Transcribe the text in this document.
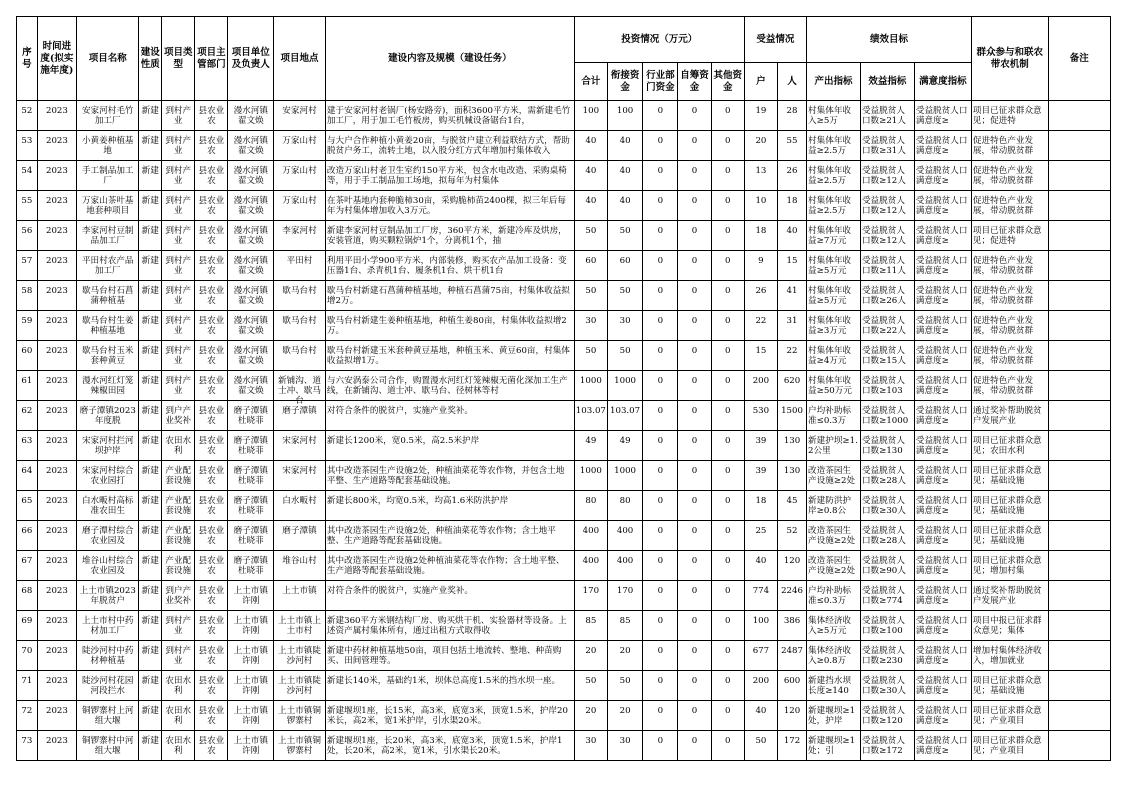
序号	时间进度(拟实施年度)	项目名称	建设性质	项目类型	项目主管部门	项目单位及负责人	项目地点	建设内容及规模（建设任务）	投资情况（万元）					受益情况		绩效目标			群众参与和联农带农机制	备注
									合计	衔接资金	行业部门资金	自筹资金	其他资金	户	人	产出指标	效益指标	满意度指标		

52	2023	安家河村毛竹加工厂	新建	到村产业	县农业农	漫水河镇翟文焕	安家河村	建于安家河村老锅厂(杨安路旁)，面积3600平方米，需新建毛竹加工厂，用于加工毛竹板房，购买机械设备锯台1台，	100	100	0	0	0	19	28	村集体年收入≥5万	受益脱贫人口数≥21人	受益脱贫人口满意度≥	项目已征求群众意见；促进特	

53	2023	小黄姜种植基地	新建	到村产业	县农业农	漫水河镇翟文焕	万家山村	与大户合作种植小黄姜20亩，与脱贫户建立利益联结方式，帮助脱贫户务工，流转土地，以入股分红方式年增加村集体收入	40	40	0	0	0	20	55	村集体年收益≥2.5万	受益脱贫人口数≥31人	受益脱贫人口满意度≥	促进特色产业发展，带动脱贫群	

54	2023	手工制品加工厂	新建	到村产业	县农业农	漫水河镇翟文焕	万家山村	改造万家山村老卫生室约150平方米，包含水电改造、采购桌椅等，用于手工制品加工场地，拟每年为村集体	40	40	0	0	0	13	26	村集体年收益≥2.5万	受益脱贫人口数≥12人	受益脱贫人口满意度≥	促进特色产业发展，带动脱贫群	

55	2023	万家山茶叶基地套种项目	新建	到村产业	县农业农	漫水河镇翟文焕	万家山村	在茶叶基地内套种脆柿30亩，采购脆柿苗2400棵，拟三年后每年为村集体增加收入3万元。	40	40	0	0	0	10	18	村集体年收益≥2.5万	受益脱贫人口数≥12人	受益脱贫人口满意度≥	促进特色产业发展，带动脱贫群	

56	2023	李家河村豆制品加工厂	新建	到村产业	县农业农	漫水河镇翟文焕	李家河村	新建李家河村豆制品加工厂房，360平方米，新建冷库及烘房，安装管道，购买颗粒锅炉1个，分离机1个，抽	50	50	0	0	0	18	40	村集体年收益≥7万元	受益脱贫人口数≥12人	受益脱贫人口满意度≥	项目已征求群众意见；促进特	

57	2023	平田村农产品加工厂	新建	到村产业	县农业农	漫水河镇翟文焕	平田村	利用平田小学900平方米，内部装修，购买农产品加工设备：变压器1台、杀青机1台、履条机1台、烘干机1台	60	60	0	0	0	9	15	村集体年收益≥5万元	受益脱贫人口数≥11人	受益脱贫人口满意度≥	促进特色产业发展，带动脱贫群	

58	2023	歇马台村石菖蒲种植基	新建	到村产业	县农业农	漫水河镇翟文焕	歇马台村	歇马台村新建石菖蒲种植基地，种植石菖蒲75亩，村集体收益拟增2万。	50	50	0	0	0	26	41	村集体年收益≥5万元	受益脱贫人口数≥26人	受益脱贫人口满意度≥	促进特色产业发展，带动脱贫群	

59	2023	歇马台村生姜种植基地	新建	到村产业	县农业农	漫水河镇翟文焕	歇马台村	歇马台村新建生姜种植基地，种植生姜80亩，村集体收益拟增2万。	30	30	0	0	0	22	31	村集体年收益≥3万元	受益脱贫人口数≥22人	受益脱贫人口满意度≥	促进特色产业发展，带动脱贫群	

60	2023	歇马台村玉米套种黄豆	新建	到村产业	县农业农	漫水河镇翟文焕	歇马台村	歇马台村新建玉米套种黄豆基地，种植玉米、黄豆60亩，村集体收益拟增1万。	50	50	0	0	0	15	22	村集体年收益≥4万元	受益脱贫人口数≥15人	受益脱贫人口满意度≥	促进特色产业发展，带动脱贫群	

61	2023	漫水河红灯笼辣椒田园	新建	到村产业	县农业农	漫水河镇翟文焕	新铺沟、道士冲、歇马台	与六安涡泰公司合作，购置漫水河红灯笼辣椒无菌化深加工生产线，在新铺沟、道士冲、歇马台、径树林等村	1000	1000	0	0	0	200	620	村集体年收益≥50万元	受益脱贫人口数≥103	受益脱贫人口满意度≥	促进特色产业发展，带动脱贫群	

62	2023	磨子潭镇2023年度脱	新建	到户产业奖补	县农业农	磨子潭镇杜晓菲	磨子潭镇	对符合条件的脱贫户，实施产业奖补。	103.07	103.07	0	0	0	530	1500	户均补助标准≤0.3万	受益脱贫人口数≥1000	受益脱贫人口满意度≥	通过奖补帮助脱贫户发展产业	

63	2023	宋家河村拦河坝护岸	新建	农田水利	县农业农	磨子潭镇杜晓菲	宋家河村	新建长1200米，宽0.5米，高2.5米护岸	49	49	0	0	0	39	130	新建护坝≥1.2公里	受益脱贫人口数≥130	受益脱贫人口满意度≥	项目已征求群众意见；农田水利	

64	2023	宋家河村综合农业园打	新建	产业配套设施	县农业农	磨子潭镇杜晓菲	宋家河村	其中改造茶园生产设施2处，种植油菜花等农作物，并包含土地平整、生产道路等配套基础设施。	1000	1000	0	0	0	39	130	改造茶园生产设施≥2处	受益脱贫人口数≥28人	受益脱贫人口满意度≥	项目已征求群众意见；基础设施	

65	2023	白水畈村高标准农田生	新建	产业配套设施	县农业农	磨子潭镇杜晓菲	白水畈村	新建长800米，均宽0.5米，均高1.6米防洪护岸	80	80	0	0	0	18	45	新建防洪护岸≥0.8公	受益脱贫人口数≥30人	受益脱贫人口满意度≥	项目已征求群众意见；基础设施	

66	2023	磨子潭村综合农业园及	新建	产业配套设施	县农业农	磨子潭镇杜晓菲	磨子潭镇	其中改造茶园生产设施2处，种植油菜花等农作物；含土地平整、生产道路等配套基础设施。	400	400	0	0	0	25	52	改造茶园生产设施≥2处	受益脱贫人口数≥28人	受益脱贫人口满意度≥	项目已征求群众意见；基础设施	

67	2023	堆谷山村综合农业园及	新建	产业配套设施	县农业农	磨子潭镇杜晓菲	堆谷山村	其中改造茶园生产设施2处种植油菜花等农作物；含土地平整、生产道路等配套基础设施。	400	400	0	0	0	40	120	改造茶园生产设施≥2处	受益脱贫人口数≥90人	受益脱贫人口满意度≥	项目已征求群众意见；增加村集	

68	2023	上土市镇2023年脱贫户	新建	到户产业奖补	县农业农	上土市镇许刚	上土市镇	对符合条件的脱贫户，实施产业奖补。	170	170	0	0	0	774	2246	户均补助标准≤0.3万	受益脱贫人口数≥774	受益脱贫人口满意度≥	通过奖补帮助脱贫户发展产业	

69	2023	上土市村中药材加工厂	新建	到村产业	县农业农	上土市镇许刚	上土市镇上土市村	新建360平方米钢结构厂房、购买烘干机、实验器材等设备。上述资产属村集体所有，通过出租方式取得收	85	85	0	0	0	100	386	集体经济收入≥5万元	受益脱贫人口数≥100	受益脱贫人口满意度≥	项目中报已征求群众意见；集体	

70	2023	陡沙河村中药材种植基	新建	到村产业	县农业农	上土市镇许刚	上土市镇陡沙河村	新建中药材种植基地50亩，项目包括土地流转、整地、种苗购买、田间管理等。	20	20	0	0	0	677	2487	集体经济收入≥0.8万	受益脱贫人口数≥230	受益脱贫人口满意度≥	增加村集体经济收入，增加就业	

71	2023	陡沙河村花园河段拦水	新建	农田水利	县农业农	上土市镇许刚	上土市镇陡沙河村	新建长140米，基础约1米，坝体总高度1.5米的挡水坝一座。	50	50	0	0	0	200	600	新建挡水坝长度≥140	受益脱贫人口数≥30人	受益脱贫人口满意度≥	项目已征求群众意见；基础设施	

72	2023	铜锣寨村上河组大堰	新建	农田水利	县农业农	上土市镇许刚	上土市镇铜锣寨村	新建堰坝1座，长15米，高3米，底宽3米，顶宽1.5米，护岸20米长，高2米，宽1米护岸，引水渠20米。	20	20	0	0	0	40	120	新建堰坝≥1处，护岸	受益脱贫人口数≥120	受益脱贫人口满意度≥	项目已征求群众意见；产业项目	

73	2023	铜锣寨村中河组大堰	新建	农田水利	县农业农	上土市镇许刚	上土市镇铜锣寨村	新建堰坝1座，长20米，高3米，底宽3米，顶宽1.5米，护岸1处，长20米，高2米，宽1米，引水渠长20米。	30	30	0	0	0	50	172	新建堰坝≥1处；引	受益脱贫人口数≥172	受益脱贫人口满意度≥	项目已征求群众意见；产业项目	
